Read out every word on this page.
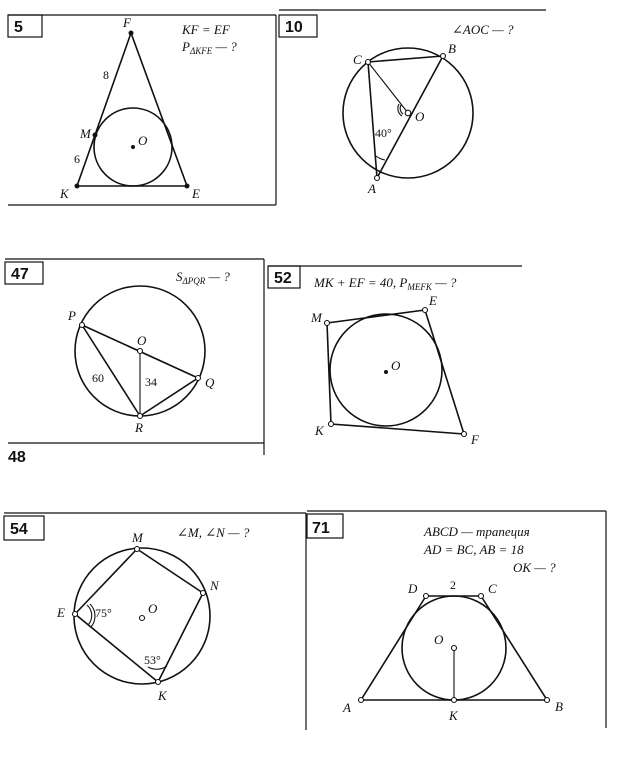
5	KF = EF
$P_{\Delta KFE}$ — ?
F
M
K	E
O
8
6
10	∠AOC — ?
C
B
O
A
40°
47	$S_{\Delta PQR}$ — ?
P
O
Q
R
60	34
48
52 MK + EF = 40, $P_{MEFK}$ — ?
M
E
O
K
F
54	∠M, ∠N — ?
M
N
E	O
K
75°
53°
71	ABCD — трапеция
AD = BC, AB = 18
OK — ?
D	C
O
A
K
B
2
